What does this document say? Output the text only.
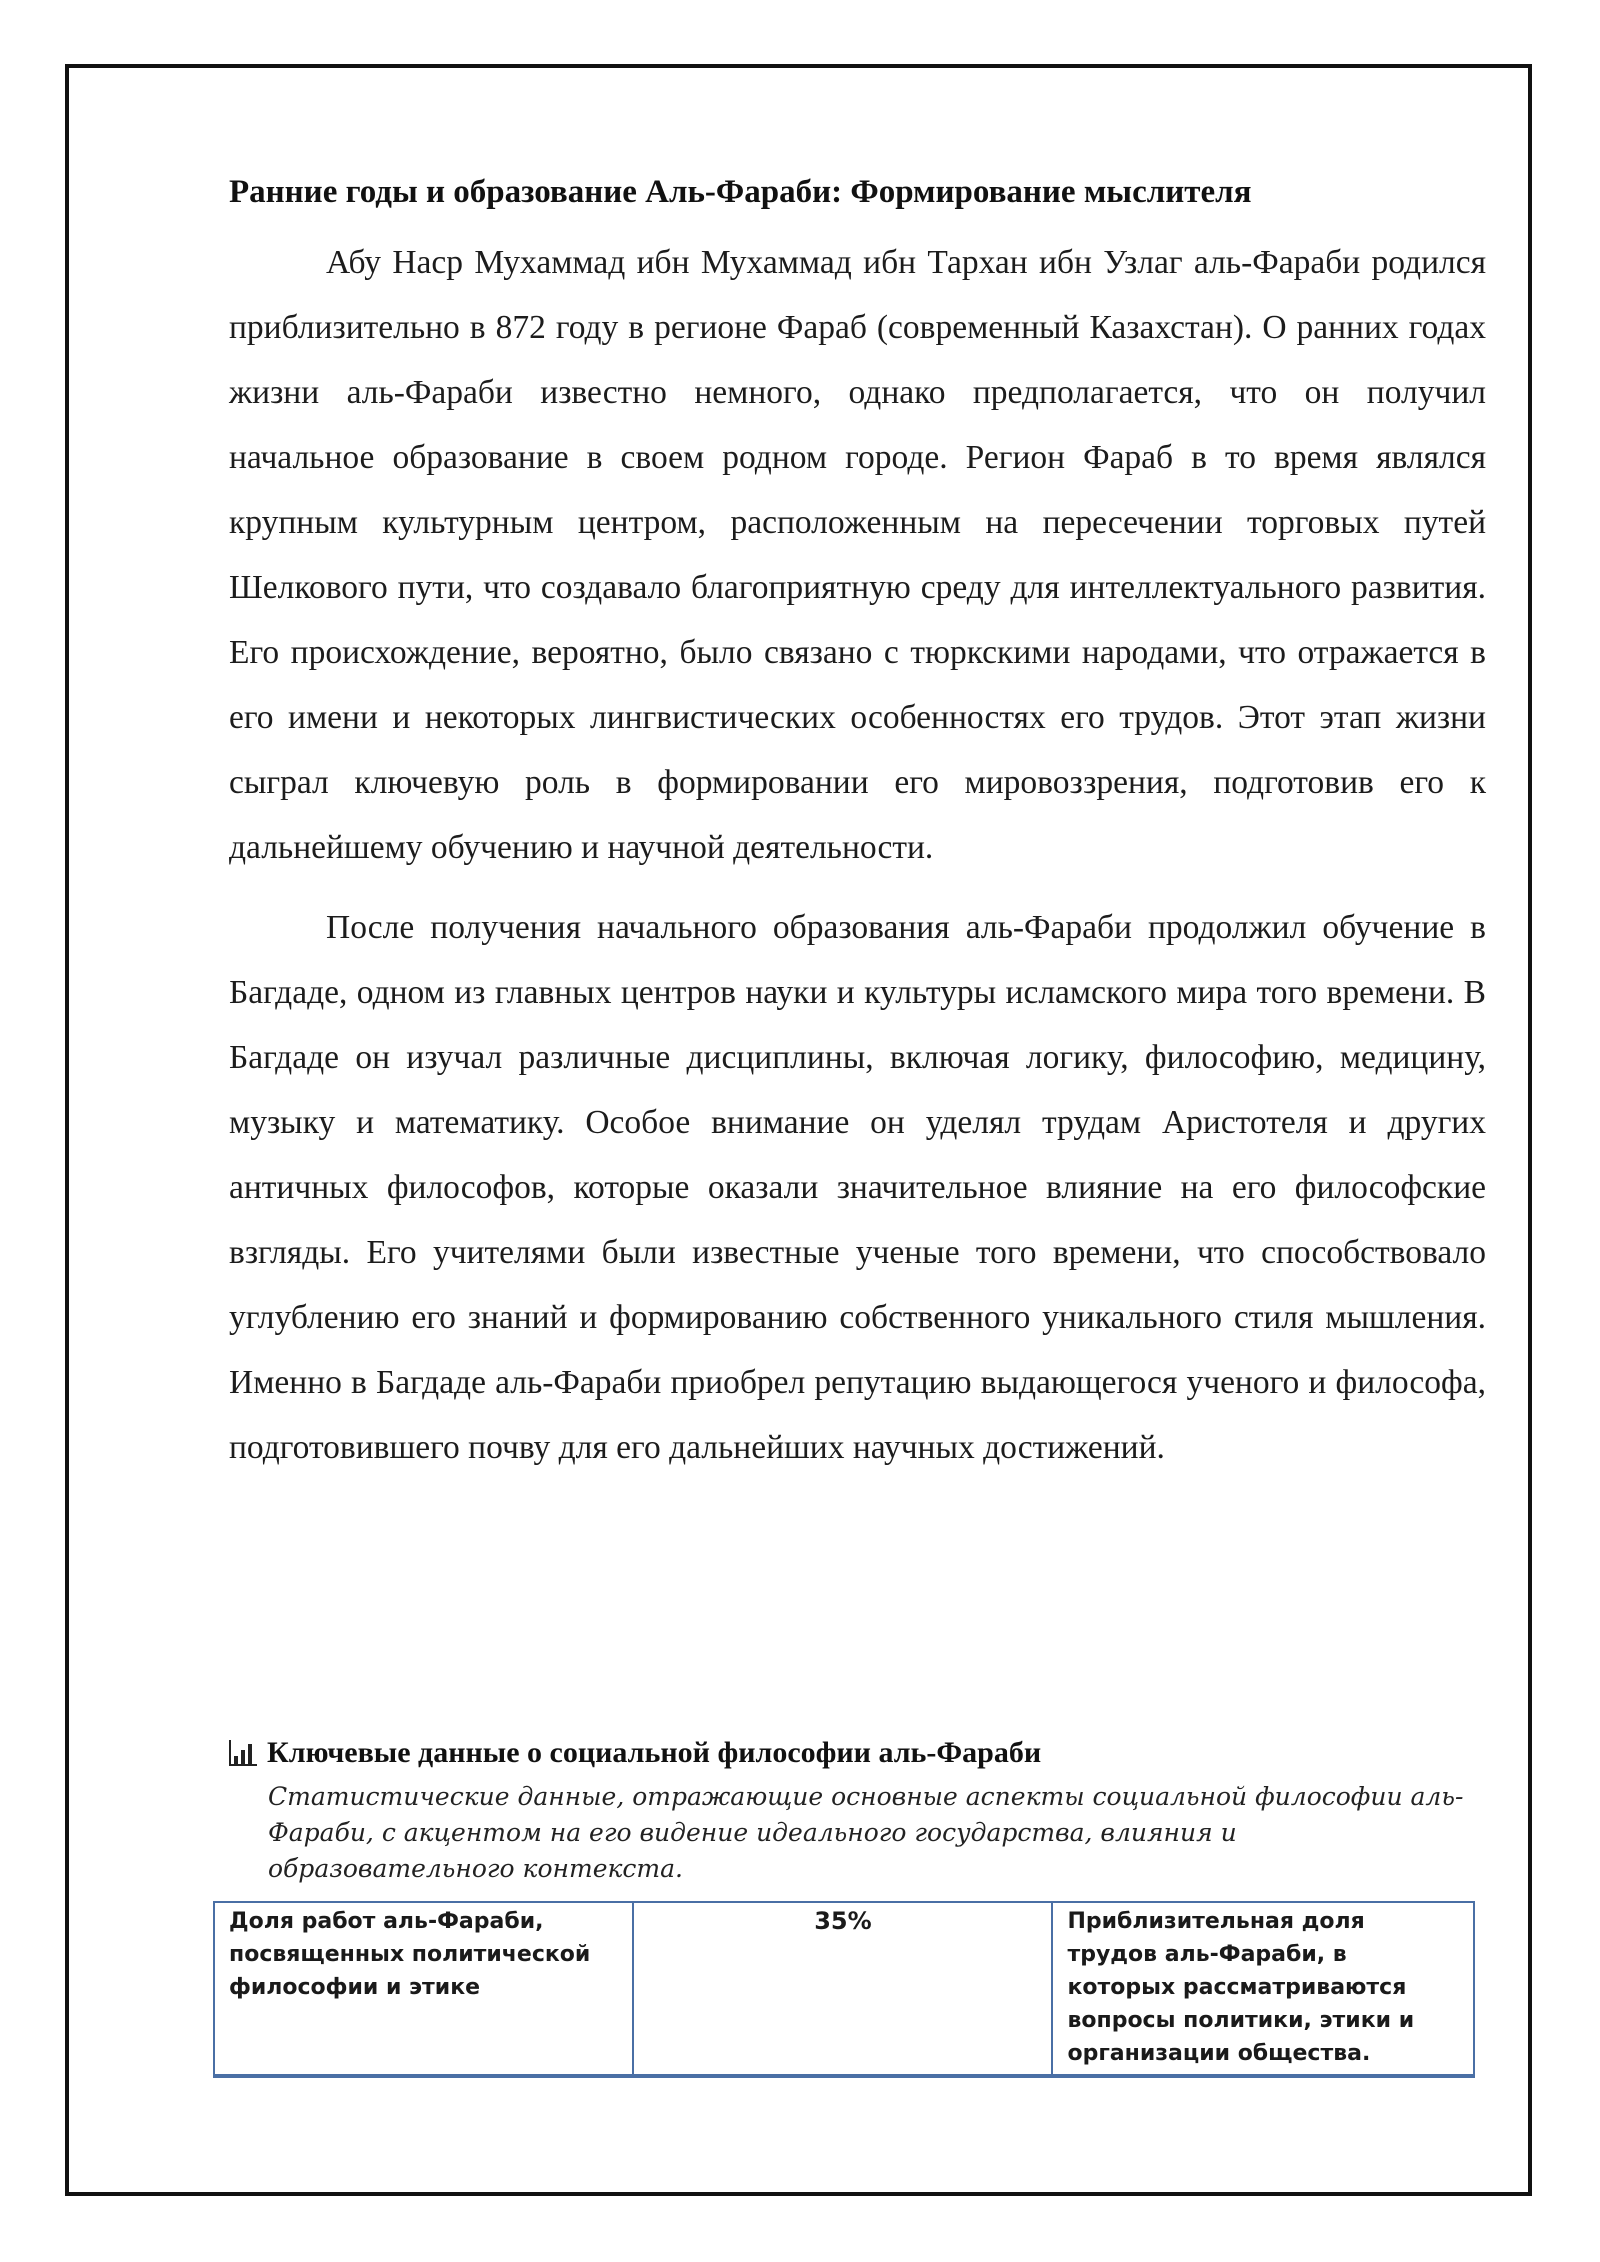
Ранние годы и образование Аль-Фараби: Формирование мыслителя

Абу Наср Мухаммад ибн Мухаммад ибн Тархан ибн Узлаг аль-Фараби родился приблизительно в 872 году в регионе Фараб (современный Казахстан). О ранних годах жизни аль-Фараби известно немного, однако предполагается, что он получил начальное образование в своем родном городе. Регион Фараб в то время являлся крупным культурным центром, расположенным на пересечении торговых путей Шелкового пути, что создавало благоприятную среду для интеллектуального развития. Его происхождение, вероятно, было связано с тюркскими народами, что отражается в его имени и некоторых лингвистических особенностях его трудов. Этот этап жизни сыграл ключевую роль в формировании его мировоззрения, подготовив его к дальнейшему обучению и научной деятельности.

После получения начального образования аль-Фараби продолжил обучение в Багдаде, одном из главных центров науки и культуры исламского мира того времени. В Багдаде он изучал различные дисциплины, включая логику, философию, медицину, музыку и математику. Особое внимание он уделял трудам Аристотеля и других античных философов, которые оказали значительное влияние на его философские взгляды. Его учителями были известные ученые того времени, что способствовало углублению его знаний и формированию собственного уникального стиля мышления. Именно в Багдаде аль-Фараби приобрел репутацию выдающегося ученого и философа, подготовившего почву для его дальнейших научных достижений.

Ключевые данные о социальной философии аль-Фараби
Статистические данные, отражающие основные аспекты социальной философии аль-Фараби, с акцентом на его видение идеального государства, влияния и образовательного контекста.
Доля работ аль-Фараби, посвященных политической философии и этике	35%	Приблизительная доля трудов аль-Фараби, в которых рассматриваются вопросы политики, этики и организации общества.
